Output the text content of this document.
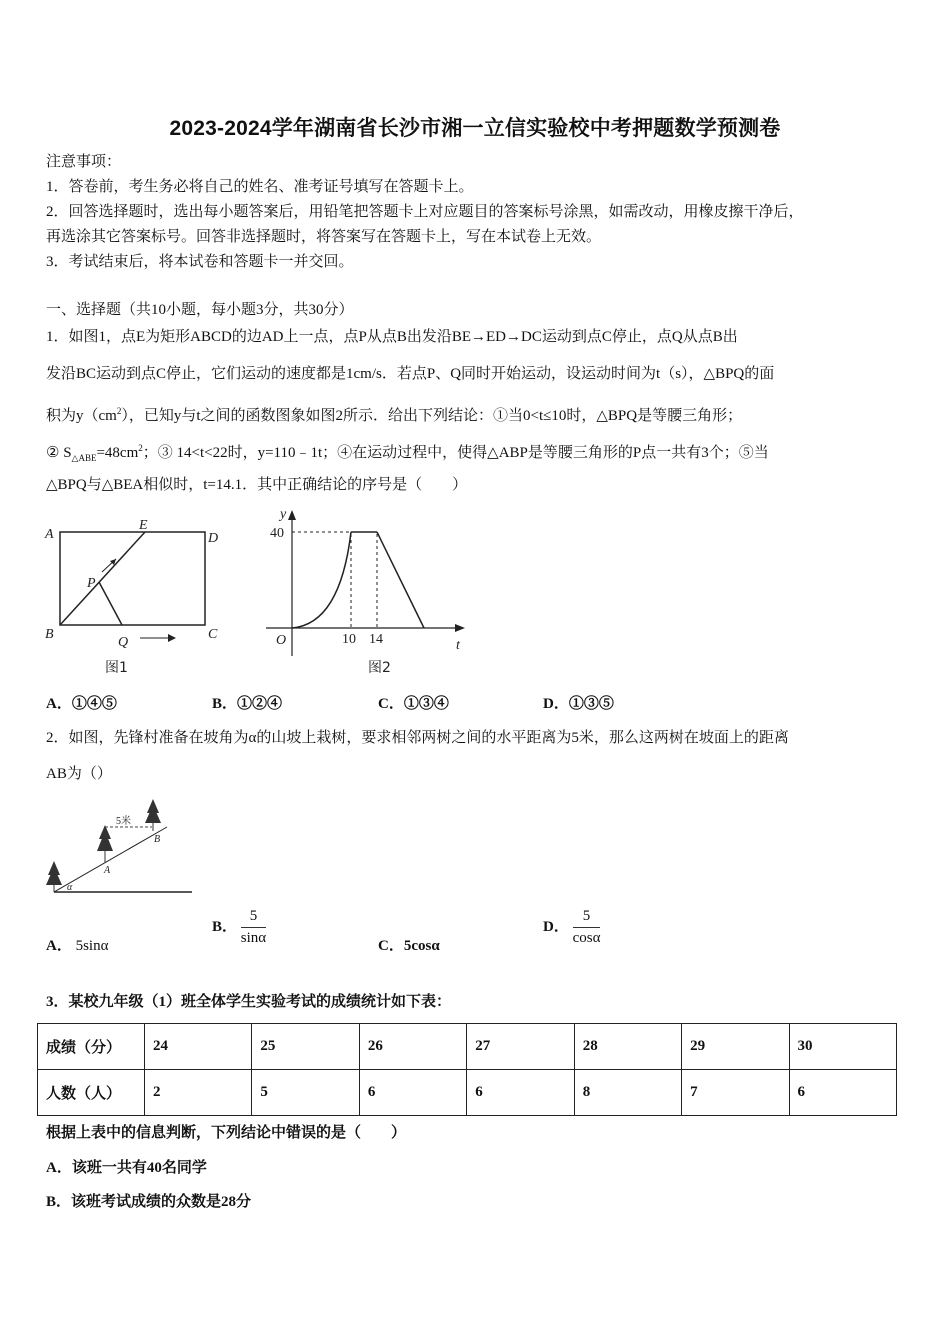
2023-2024学年湖南省长沙市湘一立信实验校中考押题数学预测卷
注意事项：
1．答卷前，考生务必将自己的姓名、准考证号填写在答题卡上。
2．回答选择题时，选出每小题答案后，用铅笔把答题卡上对应题目的答案标号涂黑，如需改动，用橡皮擦干净后，
再选涂其它答案标号。回答非选择题时，将答案写在答题卡上，写在本试卷上无效。
3．考试结束后，将本试卷和答题卡一并交回。
一、选择题（共10小题，每小题3分，共30分）
1．如图1，点E为矩形ABCD的边AD上一点，点P从点B出发沿BE→ED→DC运动到点C停止，点Q从点B出
发沿BC运动到点C停止，它们运动的速度都是1cm/s．若点P、Q同时开始运动，设运动时间为t（s），△BPQ的面
积为$y(cm^2)$，已知y与t之间的函数图象如图2所示．给出下列结论：①当0<t≤10时，△BPQ是等腰三角形；
② $S_{\triangle ABE}=48cm^2$；③ 14<t<22时，y=110﹣1t；④在运动过程中，使得△ABP是等腰三角形的P点一共有3个；⑤当
△BPQ与△BEA相似时，t=14.1．其中正确结论的序号是（　　）
A
E
D
B	C
P
Q
图1
y
40
O	10 14	t
图2
A．①④⑤	B．①②④	C．①③④	D．①③⑤
2．如图，先锋村准备在坡角为α的山坡上栽树，要求相邻两树之间的水平距离为5米，那么这两树在坡面上的距离
AB为（）
5米
A
B
α
A． 5sinα
B． $\frac{5}{\sin\alpha}$	C．5cosα
D． $\frac{5}{\cos\alpha}$
3．某校九年级（1）班全体学生实验考试的成绩统计如下表：
成绩（分）	24	25	26	27	28	29	30
人数（人）	2	5	6	6	8	7	6
根据上表中的信息判断，下列结论中错误的是（　　）
A．该班一共有40名同学
B．该班考试成绩的众数是28分
